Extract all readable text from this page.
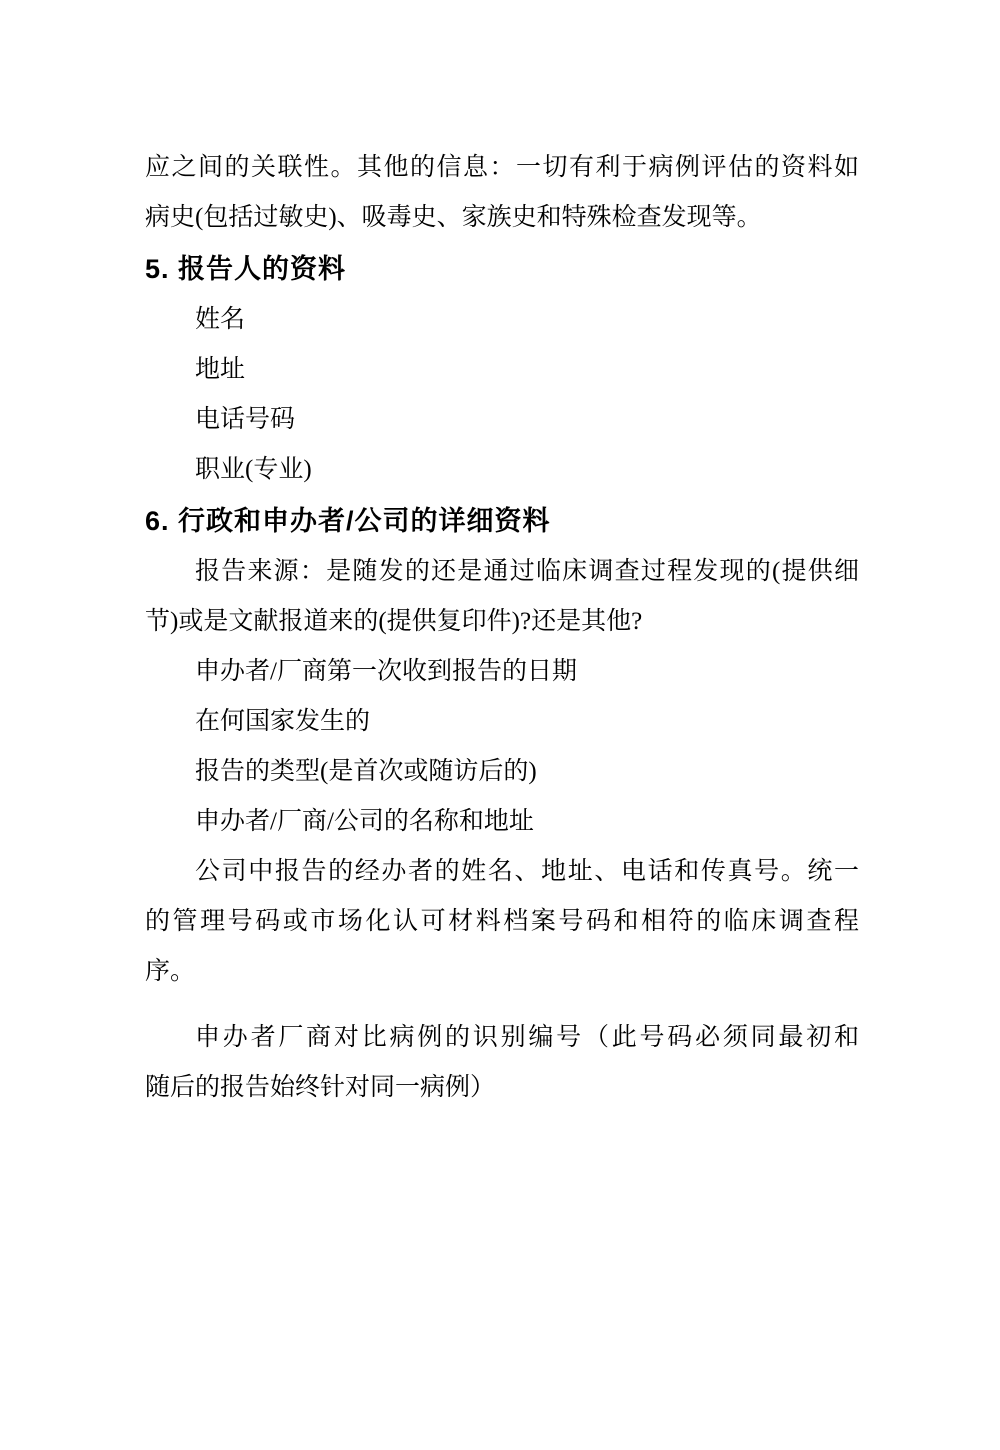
应之间的关联性。其他的信息：一切有利于病例评估的资料如
病史(包括过敏史)、吸毒史、家族史和特殊检查发现等。
5. 报告人的资料
姓名
地址
电话号码
职业(专业)
6. 行政和申办者/公司的详细资料
报告来源：是随发的还是通过临床调查过程发现的(提供细
节)或是文献报道来的(提供复印件)?还是其他?
申办者/厂商第一次收到报告的日期
在何国家发生的
报告的类型(是首次或随访后的)
申办者/厂商/公司的名称和地址
公司中报告的经办者的姓名、地址、电话和传真号。统一
的管理号码或市场化认可材料档案号码和相符的临床调查程
序。
申办者厂商对比病例的识别编号（此号码必须同最初和
随后的报告始终针对同一病例）
